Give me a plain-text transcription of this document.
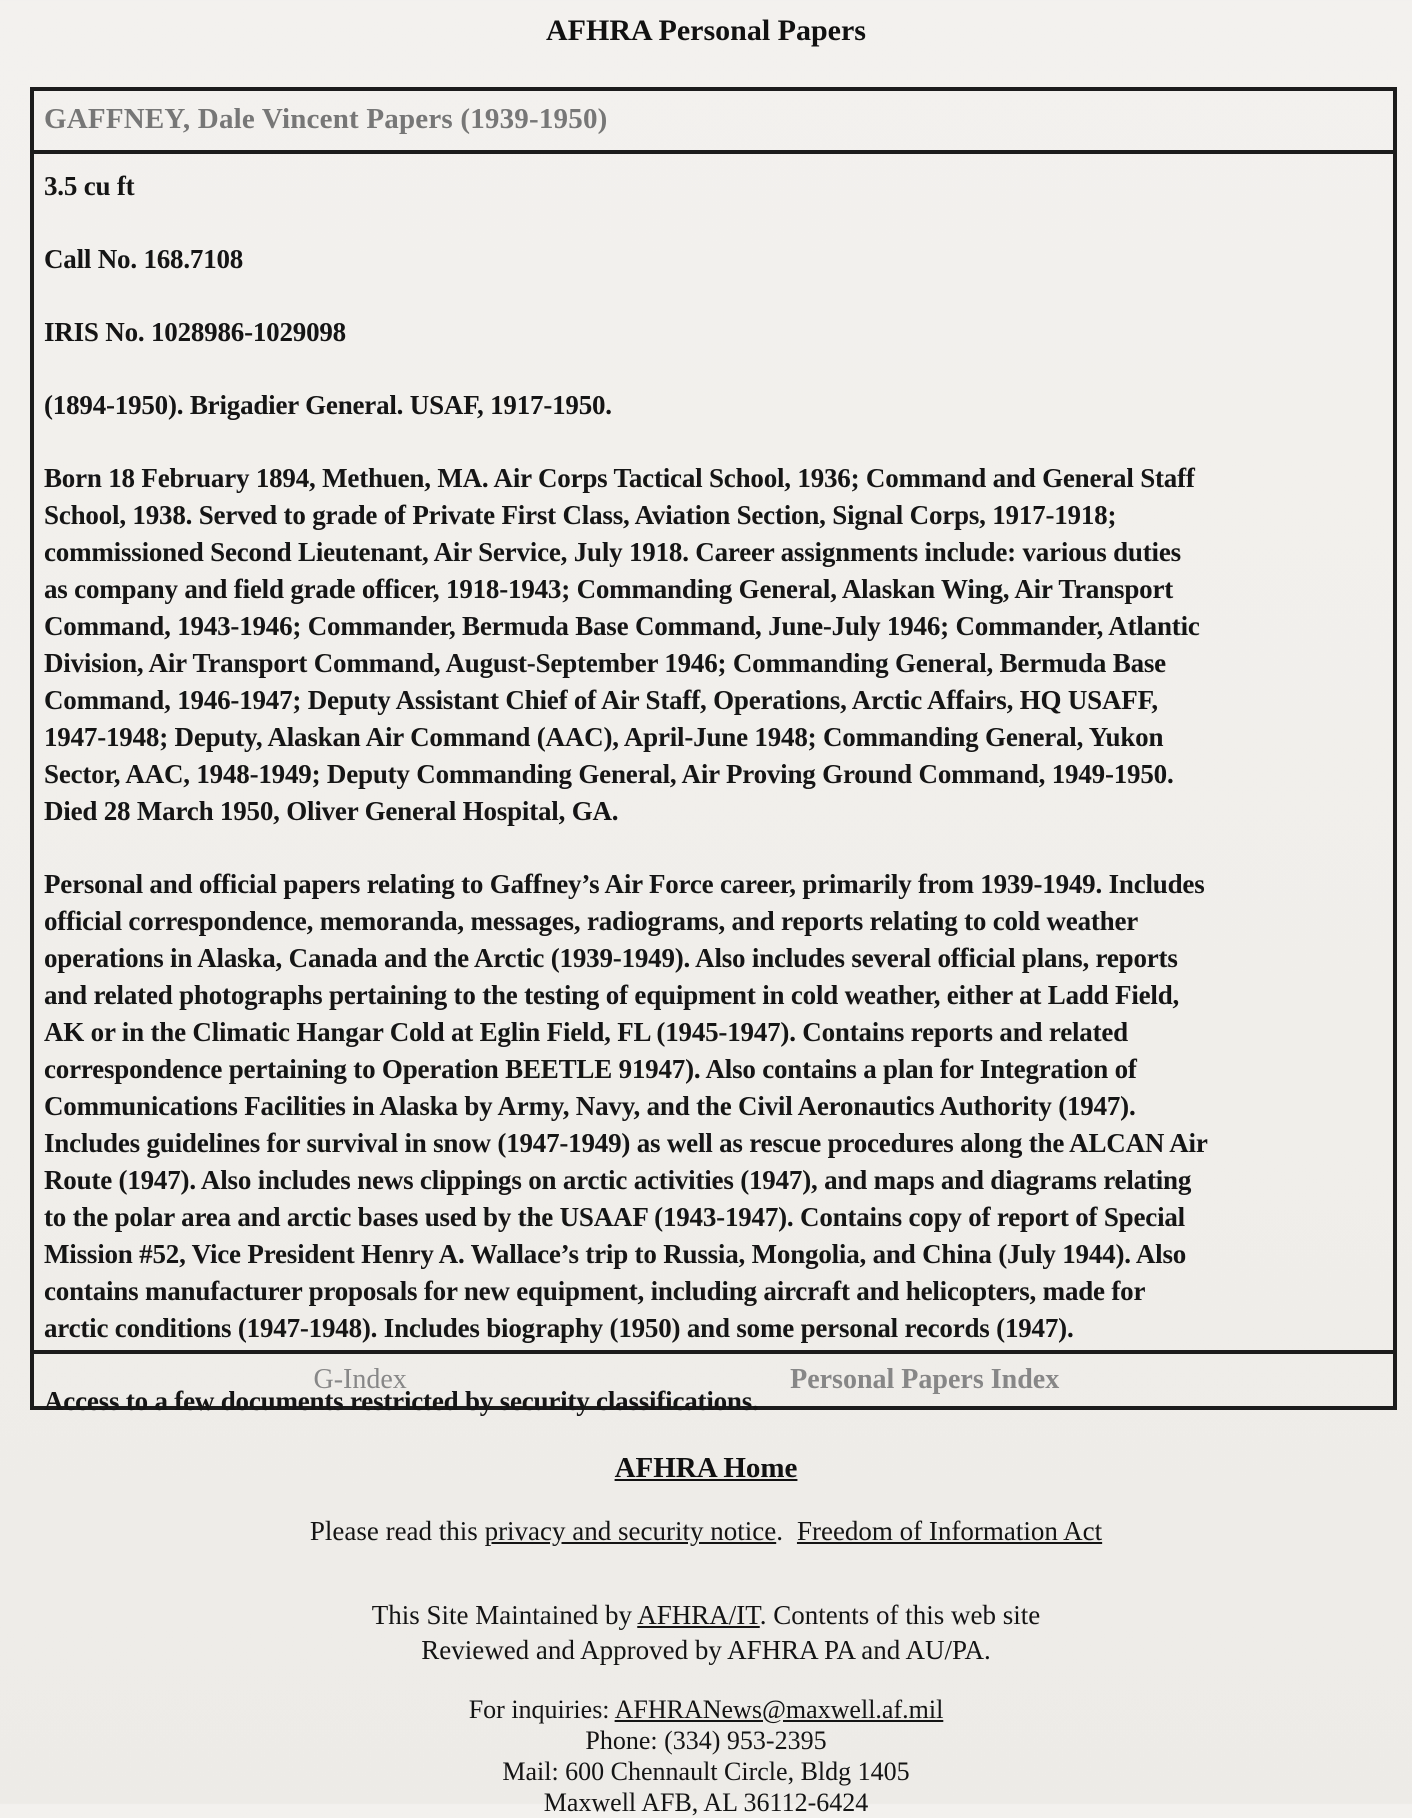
AFHRA Personal Papers
GAFFNEY, Dale Vincent Papers (1939-1950)

3.5 cu ft

Call No. 168.7108

IRIS No. 1028986-1029098

(1894-1950). Brigadier General. USAF, 1917-1950.

Born 18 February 1894, Methuen, MA. Air Corps Tactical School, 1936; Command and General Staff School, 1938. Served to grade of Private First Class, Aviation Section, Signal Corps, 1917-1918; commissioned Second Lieutenant, Air Service, July 1918. Career assignments include: various duties as company and field grade officer, 1918-1943; Commanding General, Alaskan Wing, Air Transport Command, 1943-1946; Commander, Bermuda Base Command, June-July 1946; Commander, Atlantic Division, Air Transport Command, August-September 1946; Commanding General, Bermuda Base Command, 1946-1947; Deputy Assistant Chief of Air Staff, Operations, Arctic Affairs, HQ USAFF, 1947-1948; Deputy, Alaskan Air Command (AAC), April-June 1948; Commanding General, Yukon Sector, AAC, 1948-1949; Deputy Commanding General, Air Proving Ground Command, 1949-1950. Died 28 March 1950, Oliver General Hospital, GA.

Personal and official papers relating to Gaffney’s Air Force career, primarily from 1939-1949. Includes official correspondence, memoranda, messages, radiograms, and reports relating to cold weather operations in Alaska, Canada and the Arctic (1939-1949). Also includes several official plans, reports and related photographs pertaining to the testing of equipment in cold weather, either at Ladd Field, AK or in the Climatic Hangar Cold at Eglin Field, FL (1945-1947). Contains reports and related correspondence pertaining to Operation BEETLE 91947). Also contains a plan for Integration of Communications Facilities in Alaska by Army, Navy, and the Civil Aeronautics Authority (1947). Includes guidelines for survival in snow (1947-1949) as well as rescue procedures along the ALCAN Air Route (1947). Also includes news clippings on arctic activities (1947), and maps and diagrams relating to the polar area and arctic bases used by the USAAF (1943-1947). Contains copy of report of Special Mission #52, Vice President Henry A. Wallace’s trip to Russia, Mongolia, and China (July 1944). Also contains manufacturer proposals for new equipment, including aircraft and helicopters, made for arctic conditions (1947-1948). Includes biography (1950) and some personal records (1947).

Access to a few documents restricted by security classifications.

G-Index	Personal Papers Index
AFHRA Home
Please read this privacy and security notice. Freedom of Information Act
This Site Maintained by AFHRA/IT. Contents of this web site
Reviewed and Approved by AFHRA PA and AU/PA.
For inquiries: AFHRANews@maxwell.af.mil
Phone: (334) 953-2395
Mail: 600 Chennault Circle, Bldg 1405
Maxwell AFB, AL 36112-6424
